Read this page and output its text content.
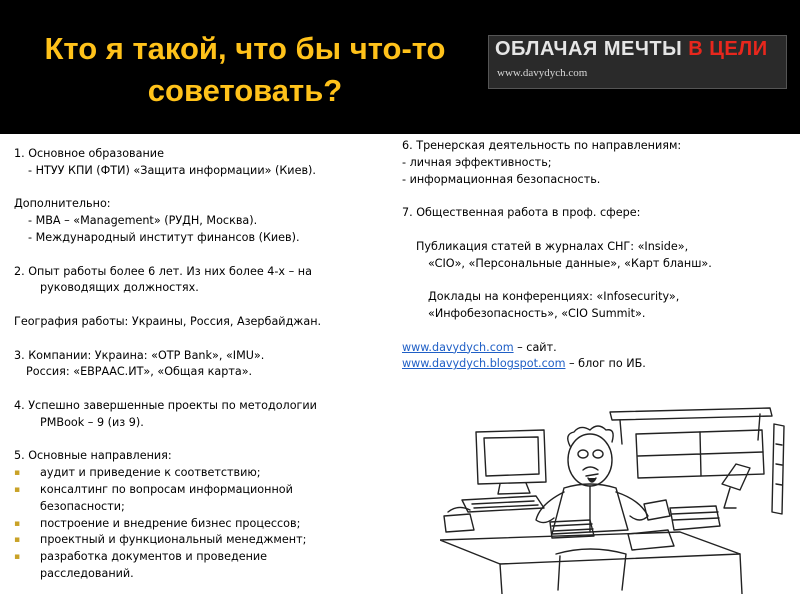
Кто я такой, что бы что-то
советовать?
ОБЛАЧАЯ МЕЧТЫ В ЦЕЛИ
www.davydych.com
1. Основное образование
- НТУУ КПИ (ФТИ) «Защита информации» (Киев).
Дополнительно:
- MBA – «Management» (РУДН, Москва).
- Международный институт финансов (Киев).
2. Опыт работы более 6 лет. Из них более 4-х – на
руководящих должностях.
География работы: Украины, Россия, Азербайджан.
3. Компании: Украина: «OTP Bank», «IMU».
Россия: «ЕВРААС.ИТ», «Общая карта».
4. Успешно завершенные проекты по методологии
PMBook – 9 (из 9).
5. Основные направления:
▪ аудит и приведение к соответствию;
▪ консалтинг по вопросам информационной
безопасности;
▪ построение и внедрение бизнес процессов;
▪ проектный и функциональный менеджмент;
▪ разработка документов и проведение
расследований.
6. Тренерская деятельность по направлениям:
- личная эффективность;
- информационная безопасность.
7. Общественная работа в проф. сфере:
Публикация статей в журналах СНГ: «Inside»,
«CIO», «Персональные данные», «Карт бланш».
Доклады на конференциях: «Infosecurity»,
«Инфобезопасность», «CIO Summit».
www.davydych.com – сайт.
www.davydych.blogspot.com – блог по ИБ.
